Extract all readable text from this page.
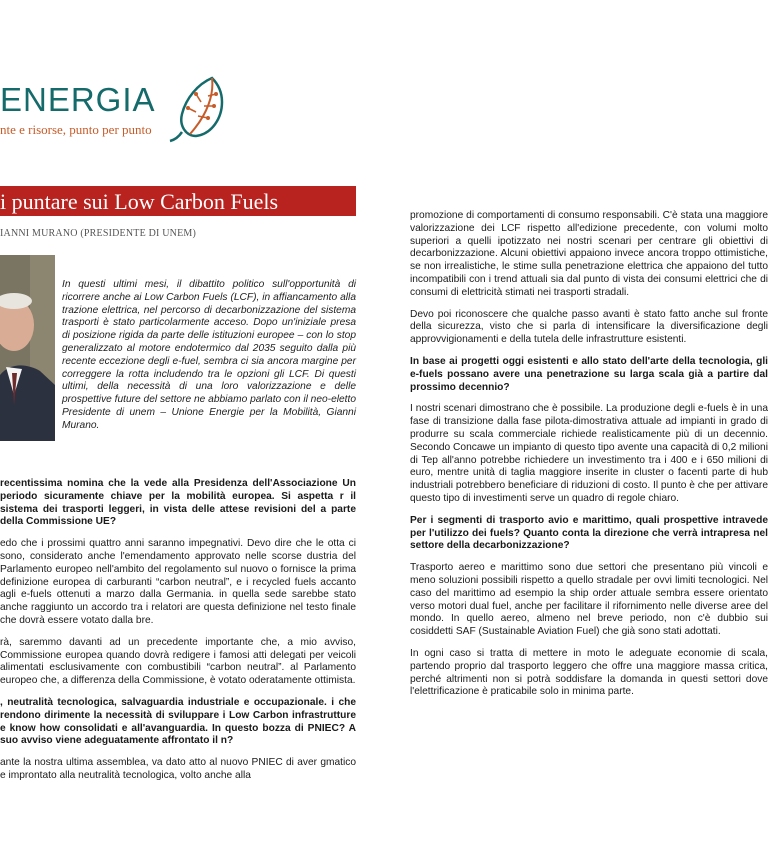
ENERGIA
nte e risorse, punto per punto
i puntare sui Low Carbon Fuels
IANNI MURANO (PRESIDENTE DI UNEM)

In questi ultimi mesi, il dibattito politico sull'opportunità di ricorrere anche ai Low Carbon Fuels (LCF), in affiancamento alla trazione elettrica, nel percorso di decarbonizzazione del sistema trasporti è stato particolarmente acceso. Dopo un'iniziale presa di posizione rigida da parte delle istituzioni europee – con lo stop generalizzato al motore endotermico dal 2035 seguito dalla più recente eccezione degli e-fuel, sembra ci sia ancora margine per correggere la rotta includendo tra le opzioni gli LCF. Di questi ultimi, della necessità di una loro valorizzazione e delle prospettive future del settore ne abbiamo parlato con il neo-eletto Presidente di unem – Unione Energie per la Mobilità, Gianni Murano.

recentissima nomina che la vede alla Presidenza dell'Associazione Un periodo sicuramente chiave per la mobilità europea. Si aspetta r il sistema dei trasporti leggeri, in vista delle attese revisioni del a parte della Commissione UE?

edo che i prossimi quattro anni saranno impegnativi. Devo dire che le otta ci sono, considerato anche l'emendamento approvato nelle scorse dustria del Parlamento europeo nell'ambito del regolamento sul nuovo o fornisce la prima definizione europea di carburanti “carbon neutral”, e i recycled fuels accanto agli e-fuels ottenuti a marzo dalla Germania. in quella sede sarebbe stato anche raggiunto un accordo tra i relatori are questa definizione nel testo finale che dovrà essere votato dalla bre.

rà, saremmo davanti ad un precedente importante che, a mio avviso, Commissione europea quando dovrà redigere i famosi atti delegati per veicoli alimentati esclusivamente con combustibili “carbon neutral”. al Parlamento europeo che, a differenza della Commissione, è votato oderatamente ottimista.

, neutralità tecnologica, salvaguardia industriale e occupazionale. i che rendono dirimente la necessità di sviluppare i Low Carbon infrastrutture e know how consolidati e all'avanguardia. In questo bozza di PNIEC? A suo avviso viene adeguatamente affrontato il n?

ante la nostra ultima assemblea, va dato atto al nuovo PNIEC di aver gmatico e improntato alla neutralità tecnologica, volto anche alla

promozione di comportamenti di consumo responsabili. C'è stata una maggiore valorizzazione dei LCF rispetto all'edizione precedente, con volumi molto superiori a quelli ipotizzato nei nostri scenari per centrare gli obiettivi di decarbonizzazione. Alcuni obiettivi appaiono invece ancora troppo ottimistiche, se non irrealistiche, le stime sulla penetrazione elettrica che appaiono del tutto incompatibili con i trend attuali sia dal punto di vista dei consumi elettrici che di consumi di elettricità stimati nei trasporti stradali.

Devo poi riconoscere che qualche passo avanti è stato fatto anche sul fronte della sicurezza, visto che si parla di intensificare la diversificazione degli approvvigionamenti e della tutela delle infrastrutture esistenti.

In base ai progetti oggi esistenti e allo stato dell'arte della tecnologia, gli e-fuels possano avere una penetrazione su larga scala già a partire dal prossimo decennio?

I nostri scenari dimostrano che è possibile. La produzione degli e-fuels è in una fase di transizione dalla fase pilota-dimostrativa attuale ad impianti in grado di produrre su scala commerciale richiede realisticamente più di un decennio. Secondo Concawe un impianto di questo tipo avente una capacità di 0,2 milioni di Tep all'anno potrebbe richiedere un investimento tra i 400 e i 650 milioni di euro, mentre unità di taglia maggiore inserite in cluster o facenti parte di hub industriali potrebbero beneficiare di riduzioni di costo. Il punto è che per attivare questo tipo di investimenti serve un quadro di regole chiaro.

Per i segmenti di trasporto avio e marittimo, quali prospettive intravede per l'utilizzo dei fuels? Quanto conta la direzione che verrà intrapresa nel settore della decarbonizzazione?

Trasporto aereo e marittimo sono due settori che presentano più vincoli e meno soluzioni possibili rispetto a quello stradale per ovvi limiti tecnologici. Nel caso del marittimo ad esempio la ship order attuale sembra essere orientato verso motori dual fuel, anche per facilitare il rifornimento nelle diverse aree del mondo. In quello aereo, almeno nel breve periodo, non c'è dubbio sui cosiddetti SAF (Sustainable Aviation Fuel) che già sono stati adottati.

In ogni caso si tratta di mettere in moto le adeguate economie di scala, partendo proprio dal trasporto leggero che offre una maggiore massa critica, perché altrimenti non si potrà soddisfare la domanda in questi settori dove l'elettrificazione è praticabile solo in minima parte.
